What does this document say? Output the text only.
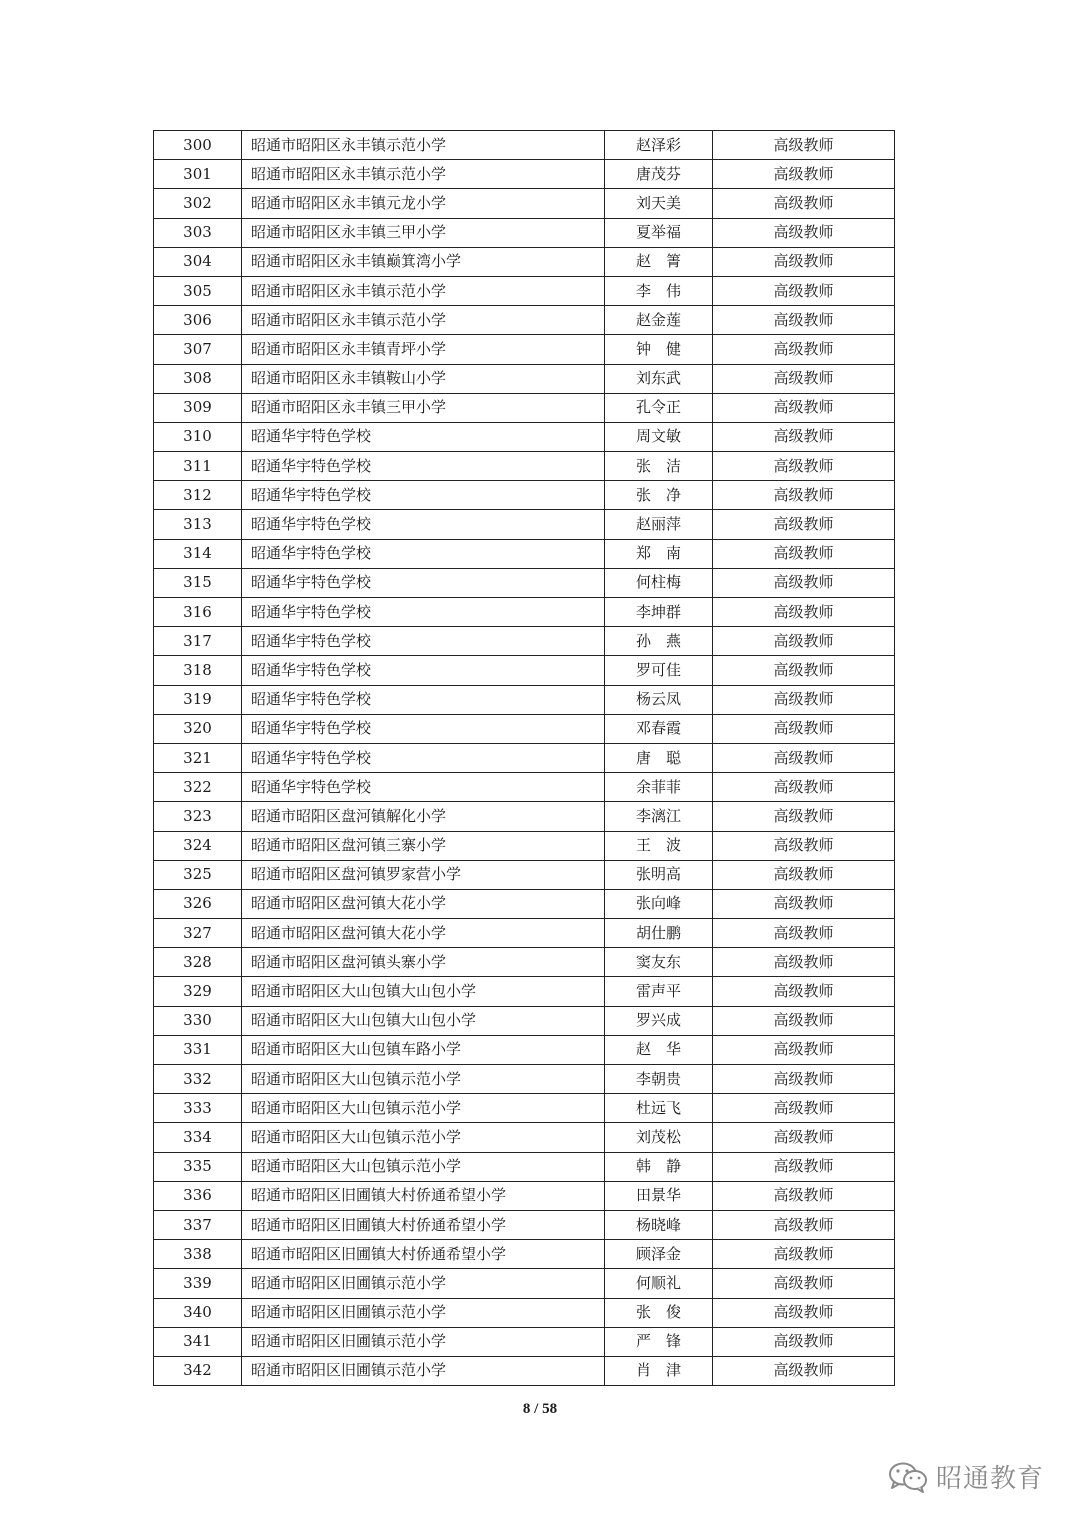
300	昭通市昭阳区永丰镇示范小学	赵泽彩	高级教师
301	昭通市昭阳区永丰镇示范小学	唐茂芬	高级教师
302	昭通市昭阳区永丰镇元龙小学	刘天美	高级教师
303	昭通市昭阳区永丰镇三甲小学	夏举福	高级教师
304	昭通市昭阳区永丰镇巅箕湾小学	赵　箐	高级教师
305	昭通市昭阳区永丰镇示范小学	李　伟	高级教师
306	昭通市昭阳区永丰镇示范小学	赵金莲	高级教师
307	昭通市昭阳区永丰镇青坪小学	钟　健	高级教师
308	昭通市昭阳区永丰镇鞍山小学	刘东武	高级教师
309	昭通市昭阳区永丰镇三甲小学	孔令正	高级教师
310	昭通华宇特色学校	周文敏	高级教师
311	昭通华宇特色学校	张　洁	高级教师
312	昭通华宇特色学校	张　净	高级教师
313	昭通华宇特色学校	赵丽萍	高级教师
314	昭通华宇特色学校	郑　南	高级教师
315	昭通华宇特色学校	何柱梅	高级教师
316	昭通华宇特色学校	李坤群	高级教师
317	昭通华宇特色学校	孙　燕	高级教师
318	昭通华宇特色学校	罗可佳	高级教师
319	昭通华宇特色学校	杨云凤	高级教师
320	昭通华宇特色学校	邓春霞	高级教师
321	昭通华宇特色学校	唐　聪	高级教师
322	昭通华宇特色学校	余菲菲	高级教师
323	昭通市昭阳区盘河镇解化小学	李漓江	高级教师
324	昭通市昭阳区盘河镇三寨小学	王　波	高级教师
325	昭通市昭阳区盘河镇罗家营小学	张明高	高级教师
326	昭通市昭阳区盘河镇大花小学	张向峰	高级教师
327	昭通市昭阳区盘河镇大花小学	胡仕鹏	高级教师
328	昭通市昭阳区盘河镇头寨小学	窦友东	高级教师
329	昭通市昭阳区大山包镇大山包小学	雷声平	高级教师
330	昭通市昭阳区大山包镇大山包小学	罗兴成	高级教师
331	昭通市昭阳区大山包镇车路小学	赵　华	高级教师
332	昭通市昭阳区大山包镇示范小学	李朝贵	高级教师
333	昭通市昭阳区大山包镇示范小学	杜远飞	高级教师
334	昭通市昭阳区大山包镇示范小学	刘茂松	高级教师
335	昭通市昭阳区大山包镇示范小学	韩　静	高级教师
336	昭通市昭阳区旧圃镇大村侨通希望小学	田景华	高级教师
337	昭通市昭阳区旧圃镇大村侨通希望小学	杨晓峰	高级教师
338	昭通市昭阳区旧圃镇大村侨通希望小学	顾泽金	高级教师
339	昭通市昭阳区旧圃镇示范小学	何顺礼	高级教师
340	昭通市昭阳区旧圃镇示范小学	张　俊	高级教师
341	昭通市昭阳区旧圃镇示范小学	严　锋	高级教师
342	昭通市昭阳区旧圃镇示范小学	肖　津	高级教师
8 / 58
昭通教育
